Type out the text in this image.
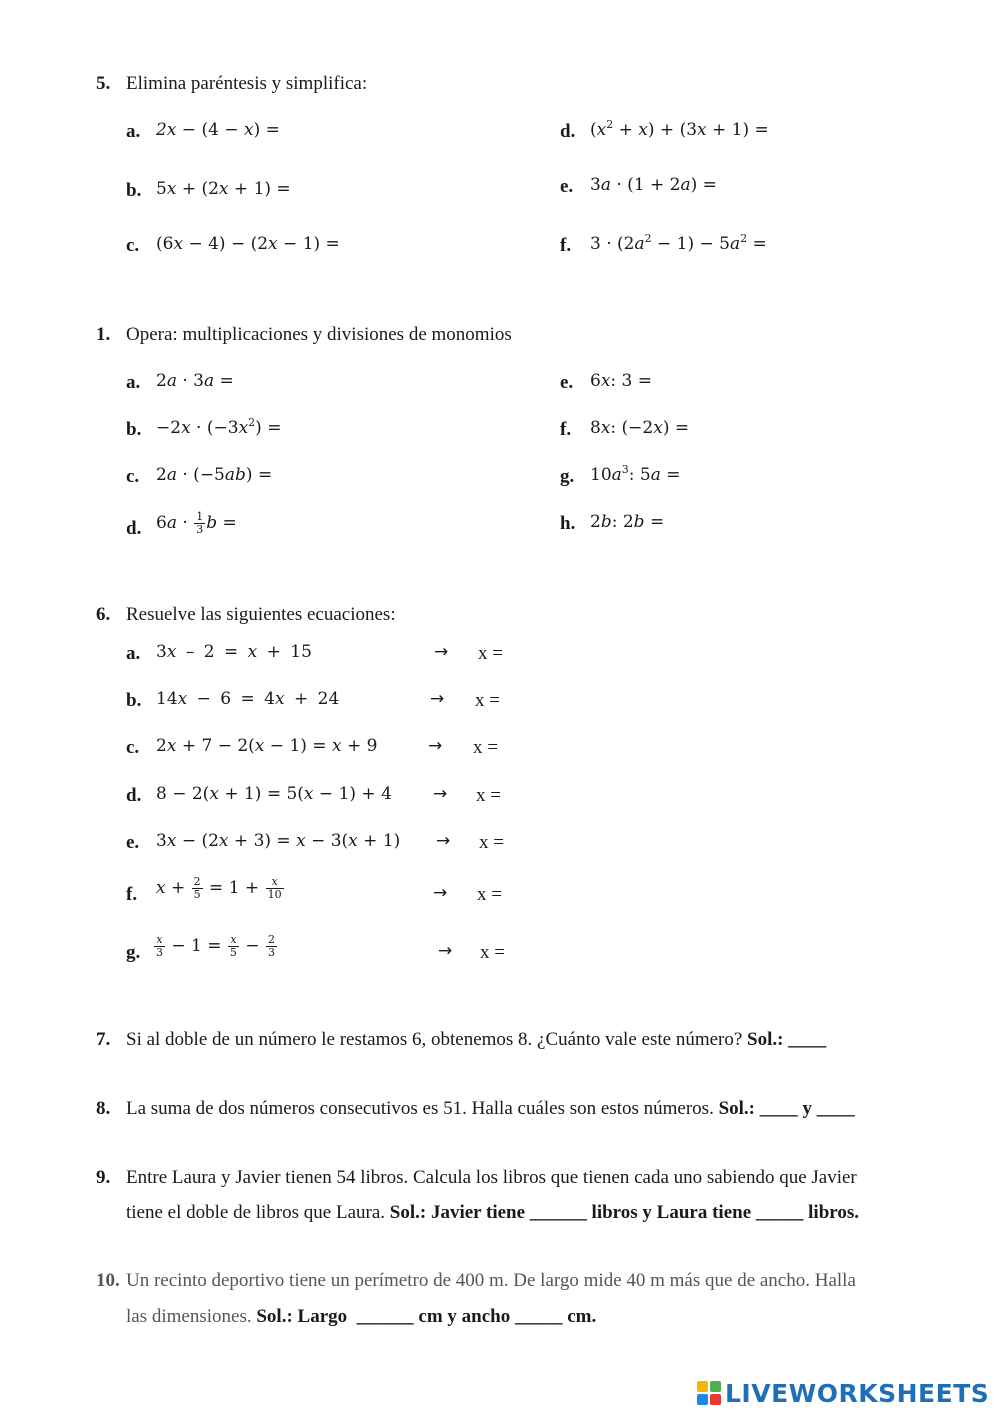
5. Elimina paréntesis y simplifica:
a. 2x − (4 − x) =
b. 5x + (2x + 1) =
c. (6x − 4) − (2x − 1) =
d. $(x^2 + x) + (3x + 1)$ =
e. 3a · (1 + 2a) =
f. $3 \cdot (2a^2 - 1) - 5a^2$ =
1. Opera: multiplicaciones y divisiones de monomios
a. 2a · 3a =
b. $-2x \cdot (-3x^2)$ =
c. 2a · (−5ab) =
d. $6a \cdot \frac{1}{3}$ b =
e. 6x: 3 =
f. 8x: (−2x) =
g. $10a^3$: 5a =
h. 2b: 2b =
6. Resuelve las siguientes ecuaciones:
a. 3x – 2 = x + 15	→ x =
b. 14x − 6 = 4x + 24	→ x =
c. 2x + 7 − 2(x − 1) = x + 9	→ x =
d. 8 − 2(x + 1) = 5(x − 1) + 4 → x =
e. 3x − (2x + 3) = x − 3(x + 1) → x =
f. $x + \frac{2}{5} = 1 + \frac{x}{10}$	→ x =
g. $\frac{x}{3} - 1 = \frac{x}{5} - \frac{2}{3}$	→ x =
7. Si al doble de un número le restamos 6, obtenemos 8. ¿Cuánto vale este número? Sol.: ____
8. La suma de dos números consecutivos es 51. Halla cuáles son estos números. Sol.: ____ y ____
9. Entre Laura y Javier tienen 54 libros. Calcula los libros que tienen cada uno sabiendo que Javier
tiene el doble de libros que Laura. Sol.: Javier tiene ______ libros y Laura tiene _____ libros.
10. Un recinto deportivo tiene un perímetro de 400 m. De largo mide 40 m más que de ancho. Halla
las dimensiones. Sol.: Largo  ______ cm y ancho _____ cm.
LIVEWORKSHEETS
